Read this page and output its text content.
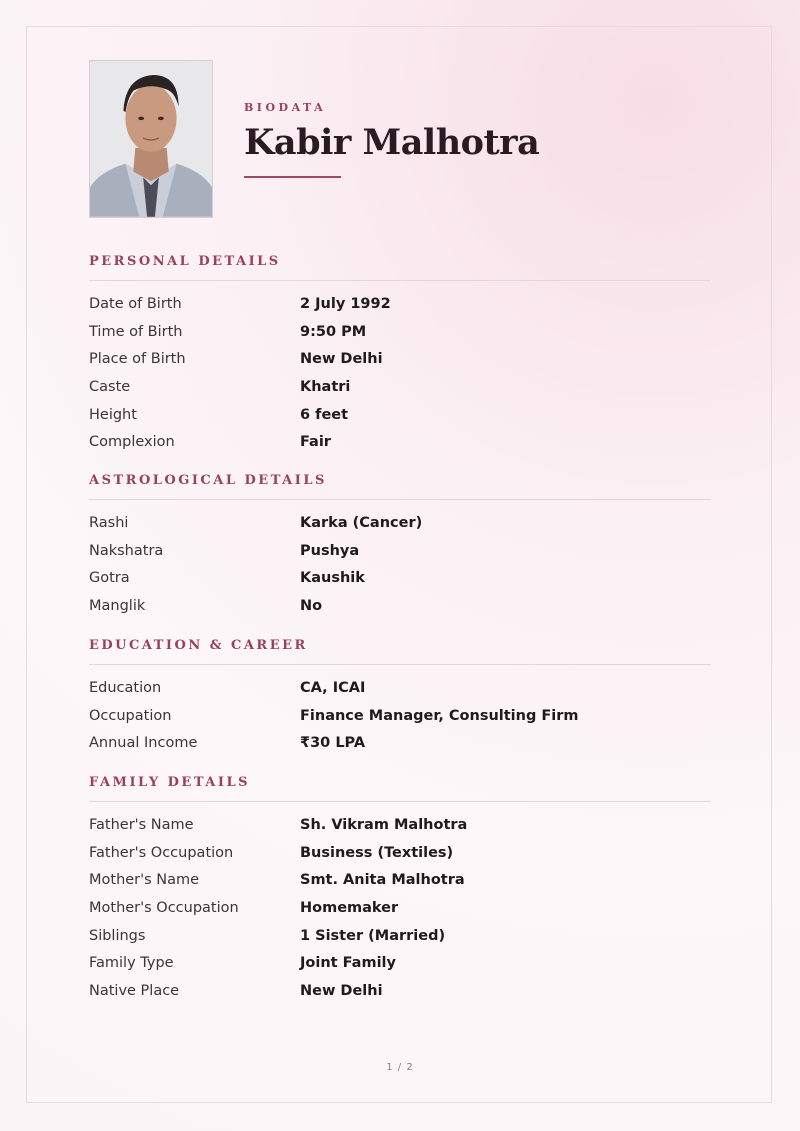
BIODATA
Kabir Malhotra
PERSONAL DETAILS
Date of Birth	2 July 1992
Time of Birth	9:50 PM
Place of Birth	New Delhi
Caste	Khatri
Height	6 feet
Complexion	Fair
ASTROLOGICAL DETAILS
Rashi	Karka (Cancer)
Nakshatra	Pushya
Gotra	Kaushik
Manglik	No
EDUCATION & CAREER
Education	CA, ICAI
Occupation	Finance Manager, Consulting Firm
Annual Income	₹30 LPA
FAMILY DETAILS
Father's Name	Sh. Vikram Malhotra
Father's Occupation	Business (Textiles)
Mother's Name	Smt. Anita Malhotra
Mother's Occupation	Homemaker
Siblings	1 Sister (Married)
Family Type	Joint Family
Native Place	New Delhi
1 / 2
